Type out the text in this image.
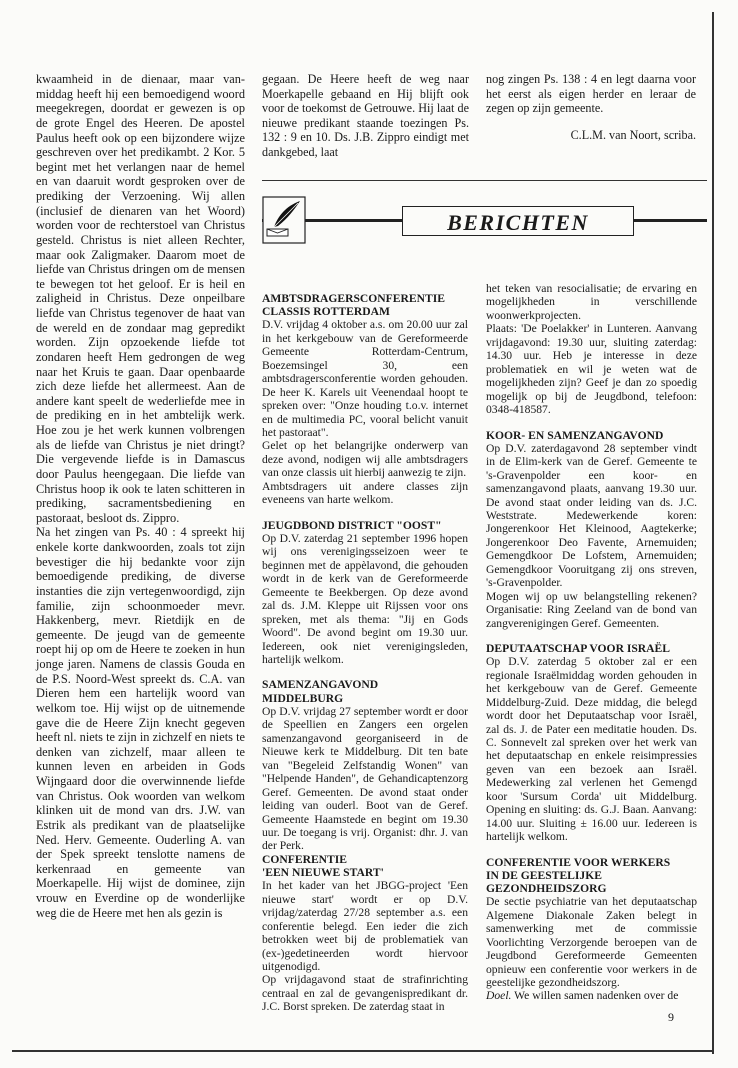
kwaamheid in de dienaar, maar van-middag heeft hij een bemoedigend woord meegekregen, doordat er gewezen is op de grote Engel des Heeren. De apostel Paulus heeft ook op een bijzondere wijze geschreven over het predikambt. 2 Kor. 5 begint met het verlangen naar de hemel en van daaruit wordt gesproken over de prediking der Verzoening. Wij allen (inclusief de dienaren van het Woord) worden voor de rechterstoel van Christus gesteld. Christus is niet alleen Rechter, maar ook Zaligmaker. Daarom moet de liefde van Christus dringen om de mensen te bewegen tot het geloof. Er is heil en zaligheid in Christus. Deze onpeilbare liefde van Christus tegenover de haat van de wereld en de zondaar mag gepredikt worden. Zijn opzoekende liefde tot zondaren heeft Hem gedrongen de weg naar het Kruis te gaan. Daar openbaarde zich deze liefde het allermeest. Aan de andere kant speelt de wederliefde mee in de prediking en in het ambtelijk werk. Hoe zou je het werk kunnen volbrengen als de liefde van Christus je niet dringt? Die vergevende liefde is in Damascus door Paulus heengegaan. Die liefde van Christus hoop ik ook te laten schitteren in prediking, sacramentsbediening en pastoraat, besloot ds. Zippro.

Na het zingen van Ps. 40 : 4 spreekt hij enkele korte dankwoorden, zoals tot zijn bevestiger die hij bedankte voor zijn bemoedigende prediking, de diverse instanties die zijn vertegenwoordigd, zijn familie, zijn schoonmoeder mevr. Hakkenberg, mevr. Rietdijk en de gemeente. De jeugd van de gemeente roept hij op om de Heere te zoeken in hun jonge jaren. Namens de classis Gouda en de P.S. Noord-West spreekt ds. C.A. van Dieren hem een hartelijk woord van welkom toe. Hij wijst op de uitnemende gave die de Heere Zijn knecht gegeven heeft nl. niets te zijn in zichzelf en niets te denken van zichzelf, maar alleen te kunnen leven en arbeiden in Gods Wijngaard door die overwinnende liefde van Christus. Ook woorden van welkom klinken uit de mond van drs. J.W. van Estrik als predikant van de plaatselijke Ned. Herv. Gemeente. Ouderling A. van der Spek spreekt tenslotte namens de kerkenraad en gemeente van Moerkapelle. Hij wijst de dominee, zijn vrouw en Everdine op de wonderlijke weg die de Heere met hen als gezin is

gegaan. De Heere heeft de weg naar Moerkapelle gebaand en Hij blijft ook voor de toekomst de Getrouwe. Hij laat de nieuwe predikant staande toezingen Ps. 132 : 9 en 10. Ds. J.B. Zippro eindigt met dankgebed, laat

nog zingen Ps. 138 : 4 en legt daarna voor het eerst als eigen herder en leraar de zegen op zijn gemeente.

C.L.M. van Noort, scriba.

BERICHTEN
AMBTSDRAGERSCONFERENTIE
CLASSIS ROTTERDAM

D.V. vrijdag 4 oktober a.s. om 20.00 uur zal in het kerkgebouw van de Gereformeerde Gemeente Rotterdam-Centrum, Boezemsingel 30, een ambtsdragersconferentie worden gehouden. De heer K. Karels uit Veenendaal hoopt te spreken over: "Onze houding t.o.v. internet en de multimedia PC, vooral belicht vanuit het pastoraat".

Gelet op het belangrijke onderwerp van deze avond, nodigen wij alle ambtsdragers van onze classis uit hierbij aanwezig te zijn.

Ambtsdragers uit andere classes zijn eveneens van harte welkom.

JEUGDBOND DISTRICT "OOST"

Op D.V. zaterdag 21 september 1996 hopen wij ons verenigingsseizoen weer te beginnen met de appèlavond, die gehouden wordt in de kerk van de Gereformeerde Gemeente te Beekbergen. Op deze avond zal ds. J.M. Kleppe uit Rijssen voor ons spreken, met als thema: "Jij en Gods Woord". De avond begint om 19.30 uur. Iedereen, ook niet verenigingsleden, hartelijk welkom.

SAMENZANGAVOND
MIDDELBURG

Op D.V. vrijdag 27 september wordt er door de Speellien en Zangers een orgelen samenzangavond georganiseerd in de Nieuwe kerk te Middelburg. Dit ten bate van "Begeleid Zelfstandig Wonen" van "Helpende Handen", de Gehandicaptenzorg Geref. Gemeenten. De avond staat onder leiding van ouderl. Boot van de Geref. Gemeente Haamstede en begint om 19.30 uur. De toegang is vrij. Organist: dhr. J. van der Perk.

CONFERENTIE
'EEN NIEUWE START'

In het kader van het JBGG-project 'Een nieuwe start' wordt er op D.V. vrijdag/zaterdag 27/28 september a.s. een conferentie belegd. Een ieder die zich betrokken weet bij de problematiek van (ex-)gedetineerden wordt hiervoor uitgenodigd.

Op vrijdagavond staat de strafinrichting centraal en zal de gevangenispredikant dr. J.C. Borst spreken. De zaterdag staat in

het teken van resocialisatie; de ervaring en mogelijkheden in verschillende woonwerkprojecten.

Plaats: 'De Poelakker' in Lunteren. Aanvang vrijdagavond: 19.30 uur, sluiting zaterdag: 14.30 uur. Heb je interesse in deze problematiek en wil je weten wat de mogelijkheden zijn? Geef je dan zo spoedig mogelijk op bij de Jeugdbond, telefoon: 0348-418587.

KOOR- EN SAMENZANGAVOND

Op D.V. zaterdagavond 28 september vindt in de Elim-kerk van de Geref. Gemeente te 's-Gravenpolder een koor- en samenzangavond plaats, aanvang 19.30 uur. De avond staat onder leiding van ds. J.C. Weststrate. Medewerkende koren: Jongerenkoor Het Kleinood, Aagtekerke; Jongerenkoor Deo Favente, Arnemuiden; Gemengdkoor De Lofstem, Arnemuiden; Gemengdkoor Vooruitgang zij ons streven, 's-Gravenpolder.

Mogen wij op uw belangstelling rekenen? Organisatie: Ring Zeeland van de bond van zangverenigingen Geref. Gemeenten.

DEPUTAATSCHAP VOOR ISRAËL

Op D.V. zaterdag 5 oktober zal er een regionale Israëlmiddag worden gehouden in het kerkgebouw van de Geref. Gemeente Middelburg-Zuid. Deze middag, die belegd wordt door het Deputaatschap voor Israël, zal ds. J. de Pater een meditatie houden. Ds. C. Sonnevelt zal spreken over het werk van het deputaatschap en enkele reisimpressies geven van een bezoek aan Israël. Medewerking zal verlenen het Gemengd koor 'Sursum Corda' uit Middelburg. Opening en sluiting: ds. G.J. Baan. Aanvang: 14.00 uur. Sluiting ± 16.00 uur. Iedereen is hartelijk welkom.

CONFERENTIE VOOR WERKERS
IN DE GEESTELIJKE
GEZONDHEIDSZORG

De sectie psychiatrie van het deputaatschap Algemene Diakonale Zaken belegt in samenwerking met de commissie Voorlichting Verzorgende beroepen van de Jeugdbond Gereformeerde Gemeenten opnieuw een conferentie voor werkers in de geestelijke gezondheidszorg.

Doel. We willen samen nadenken over de

9
